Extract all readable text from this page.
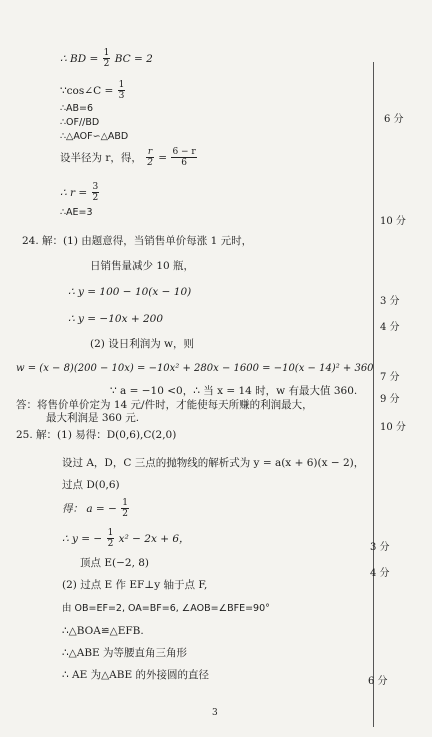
∴ BD = $\frac{1}{2}$ BC = 2
∵cos∠C = $\frac{1}{3}$
∴AB=6
∴OF//BD
∴△AOF∽△ABD
设半径为 r，得， $\frac{r}{2} = \frac{6 - r}{6}$
∴ $r = \frac{3}{2}$
∴AE=3
24. 解：(1) 由题意得，当销售单价每涨 1 元时，
日销售量减少 10 瓶，
∴ y = 100 − 10(x − 10)
∴ y = −10x + 200
(2) 设日利润为 w，则
w = (x − 8)(200 − 10x) = −10x² + 280x − 1600 = −10(x − 14)² + 360
∵ a = −10 <0，∴ 当 x = 14 时，w 有最大值 360.
答：将售价单价定为 14 元/件时，才能使每天所赚的利润最大，
最大利润是 360 元.
25. 解：(1) 易得：D(0,6),C(2,0)
设过 A，D，C 三点的抛物线的解析式为 y = a(x + 6)(x − 2)，
过点 D(0,6)
得： a = − $\frac{1}{2}$
∴ y = − $\frac{1}{2} x^2 - 2x + 6$，
顶点 E(−2, 8)
(2) 过点 E 作 EF⊥y 轴于点 F,
由 OB=EF=2, OA=BF=6, ∠AOB=∠BFE=90°
∴△BOA≌△EFB.
∴△ABE 为等腰直角三角形
∴ AE 为△ABE 的外接圆的直径
6 分
10 分
3 分
4 分
7 分
9 分
10 分
3 分
4 分
6 分
3
